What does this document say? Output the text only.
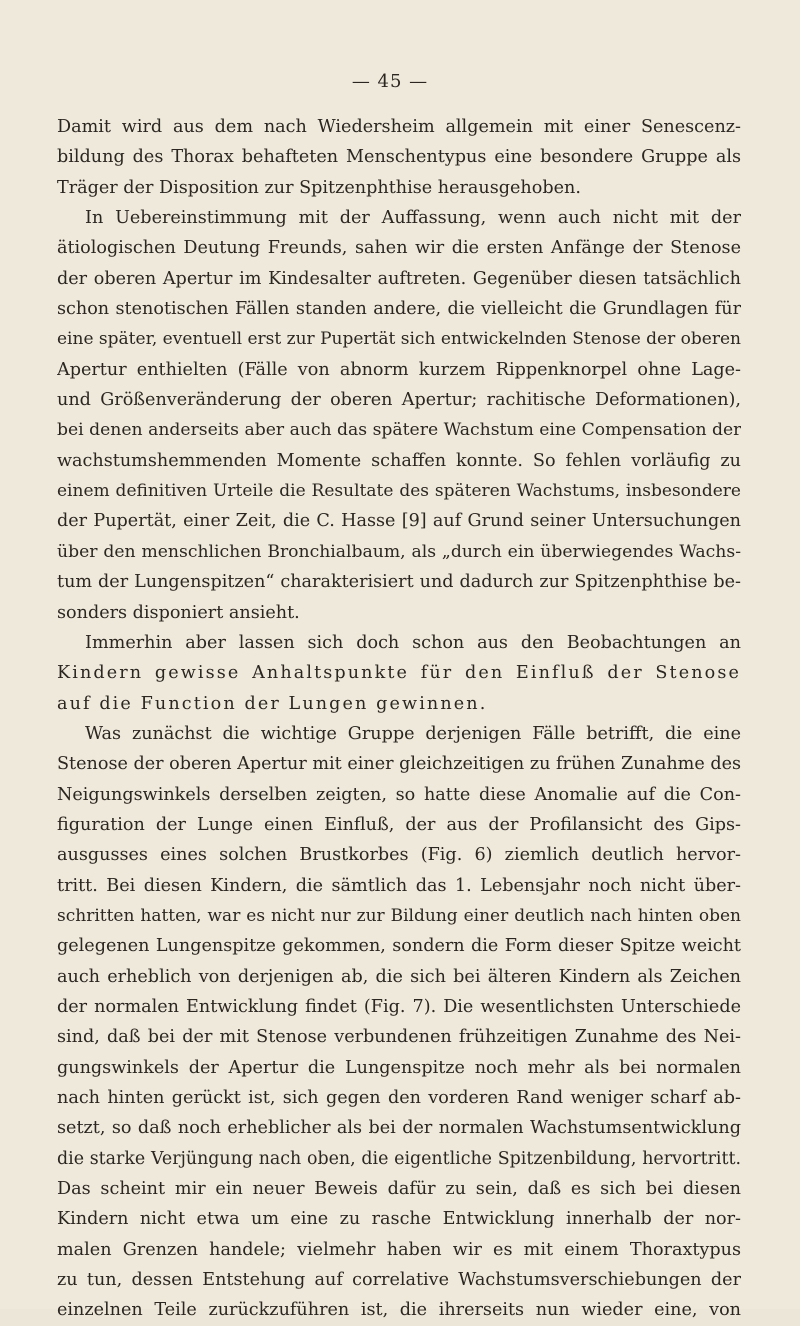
— 45 —
Damit wird aus dem nach Wiedersheim allgemein mit einer Senescenz-
bildung des Thorax behafteten Menschentypus eine besondere Gruppe als
Träger der Disposition zur Spitzenphthise herausgehoben.
In Uebereinstimmung mit der Auffassung, wenn auch nicht mit der
ätiologischen Deutung Freunds, sahen wir die ersten Anfänge der Stenose
der oberen Apertur im Kindesalter auftreten. Gegenüber diesen tatsächlich
schon stenotischen Fällen standen andere, die vielleicht die Grundlagen für
eine später, eventuell erst zur Pupertät sich entwickelnden Stenose der oberen
Apertur enthielten (Fälle von abnorm kurzem Rippenknorpel ohne Lage-
und Größenveränderung der oberen Apertur; rachitische Deformationen),
bei denen anderseits aber auch das spätere Wachstum eine Compensation der
wachstumshemmenden Momente schaffen konnte. So fehlen vorläufig zu
einem definitiven Urteile die Resultate des späteren Wachstums, insbesondere
der Pupertät, einer Zeit, die C. Hasse [9] auf Grund seiner Untersuchungen
über den menschlichen Bronchialbaum, als „durch ein überwiegendes Wachs-
tum der Lungenspitzen“ charakterisiert und dadurch zur Spitzenphthise be-
sonders disponiert ansieht.
Immerhin aber lassen sich doch schon aus den Beobachtungen an
Kindern gewisse Anhaltspunkte für den Einfluß der Stenose
auf die Function der Lungen gewinnen.
Was zunächst die wichtige Gruppe derjenigen Fälle betrifft, die eine
Stenose der oberen Apertur mit einer gleichzeitigen zu frühen Zunahme des
Neigungswinkels derselben zeigten, so hatte diese Anomalie auf die Con-
figuration der Lunge einen Einfluß, der aus der Profilansicht des Gips-
ausgusses eines solchen Brustkorbes (Fig. 6) ziemlich deutlich hervor-
tritt. Bei diesen Kindern, die sämtlich das 1. Lebensjahr noch nicht über-
schritten hatten, war es nicht nur zur Bildung einer deutlich nach hinten oben
gelegenen Lungenspitze gekommen, sondern die Form dieser Spitze weicht
auch erheblich von derjenigen ab, die sich bei älteren Kindern als Zeichen
der normalen Entwicklung findet (Fig. 7). Die wesentlichsten Unterschiede
sind, daß bei der mit Stenose verbundenen frühzeitigen Zunahme des Nei-
gungswinkels der Apertur die Lungenspitze noch mehr als bei normalen
nach hinten gerückt ist, sich gegen den vorderen Rand weniger scharf ab-
setzt, so daß noch erheblicher als bei der normalen Wachstumsentwicklung
die starke Verjüngung nach oben, die eigentliche Spitzenbildung, hervortritt.
Das scheint mir ein neuer Beweis dafür zu sein, daß es sich bei diesen
Kindern nicht etwa um eine zu rasche Entwicklung innerhalb der nor-
malen Grenzen handele; vielmehr haben wir es mit einem Thoraxtypus
zu tun, dessen Entstehung auf correlative Wachstumsverschiebungen der
einzelnen Teile zurückzuführen ist, die ihrerseits nun wieder eine, von
